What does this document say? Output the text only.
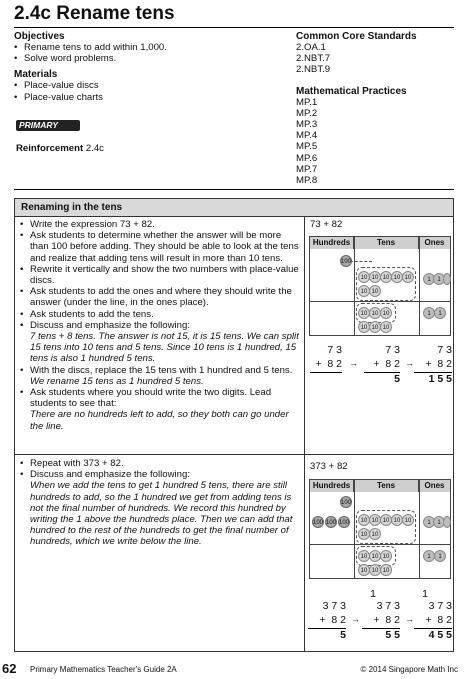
2.4c Rename tens
Objectives
• Rename tens to add within 1,000.
• Solve word problems.
Materials
• Place-value discs
• Place-value charts
PRIMARY
Reinforcement 2.4c
Common Core Standards
2.OA.1
2.NBT.7
2.NBT.9
Mathematical Practices
MP.1
MP.2
MP.3
MP.4
MP.5
MP.6
MP.7
MP.8
Renaming in the tens
• Write the expression 73 + 82.
• Ask students to determine whether the answer will be more than 100 before adding. They should be able to look at the tens and realize that adding tens will result in more than 10 tens.
• Rewrite it vertically and show the two numbers with place-value discs.
• Ask students to add the ones and where they should write the answer (under the line, in the ones place).
• Ask students to add the tens.
• Discuss and emphasize the following:
7 tens + 8 tens. The answer is not 15, it is 15 tens. We can split 15 tens into 10 tens and 5 tens. Since 10 tens is 1 hundred, 15 tens is also 1 hundred 5 tens.
• With the discs, replace the 15 tens with 1 hundred and 5 tens.
We rename 15 tens as 1 hundred 5 tens.
• Ask students where you should write the two digits. Lead students to see that:
There are no hundreds left to add, so they both can go under the line.
• Repeat with 373 + 82.
• Discuss and emphasize the following:
When we add the tens to get 1 hundred 5 tens, there are still hundreds to add, so the 1 hundred we get from adding tens is not the final number of hundreds. We record this hundred by writing the 1 above the hundreds place. Then we can add that hundred to the rest of the hundreds to get the final number of hundreds, which we write below the line.
73 + 82
Hundreds	Tens	Ones
100
10 10 10 10 10
10 10
1	1
10 10 10
10 10 10
1	1
7 3
+  8 2
7 3
+  8 2
5
7 3
+  8 2
1 5 5
→	→
373 + 82
Hundreds	Tens	Ones
100
100 100 100	10 10 10 10 10
10 10
1	1
10 10 10
10 10 10
1	1
3 7 3
+  8 2
5
1
3 7 3
+  8 2
5 5
1
3 7 3
+  8 2
4 5 5
→	→
62 Primary Mathematics Teacher's Guide 2A	© 2014 Singapore Math Inc
